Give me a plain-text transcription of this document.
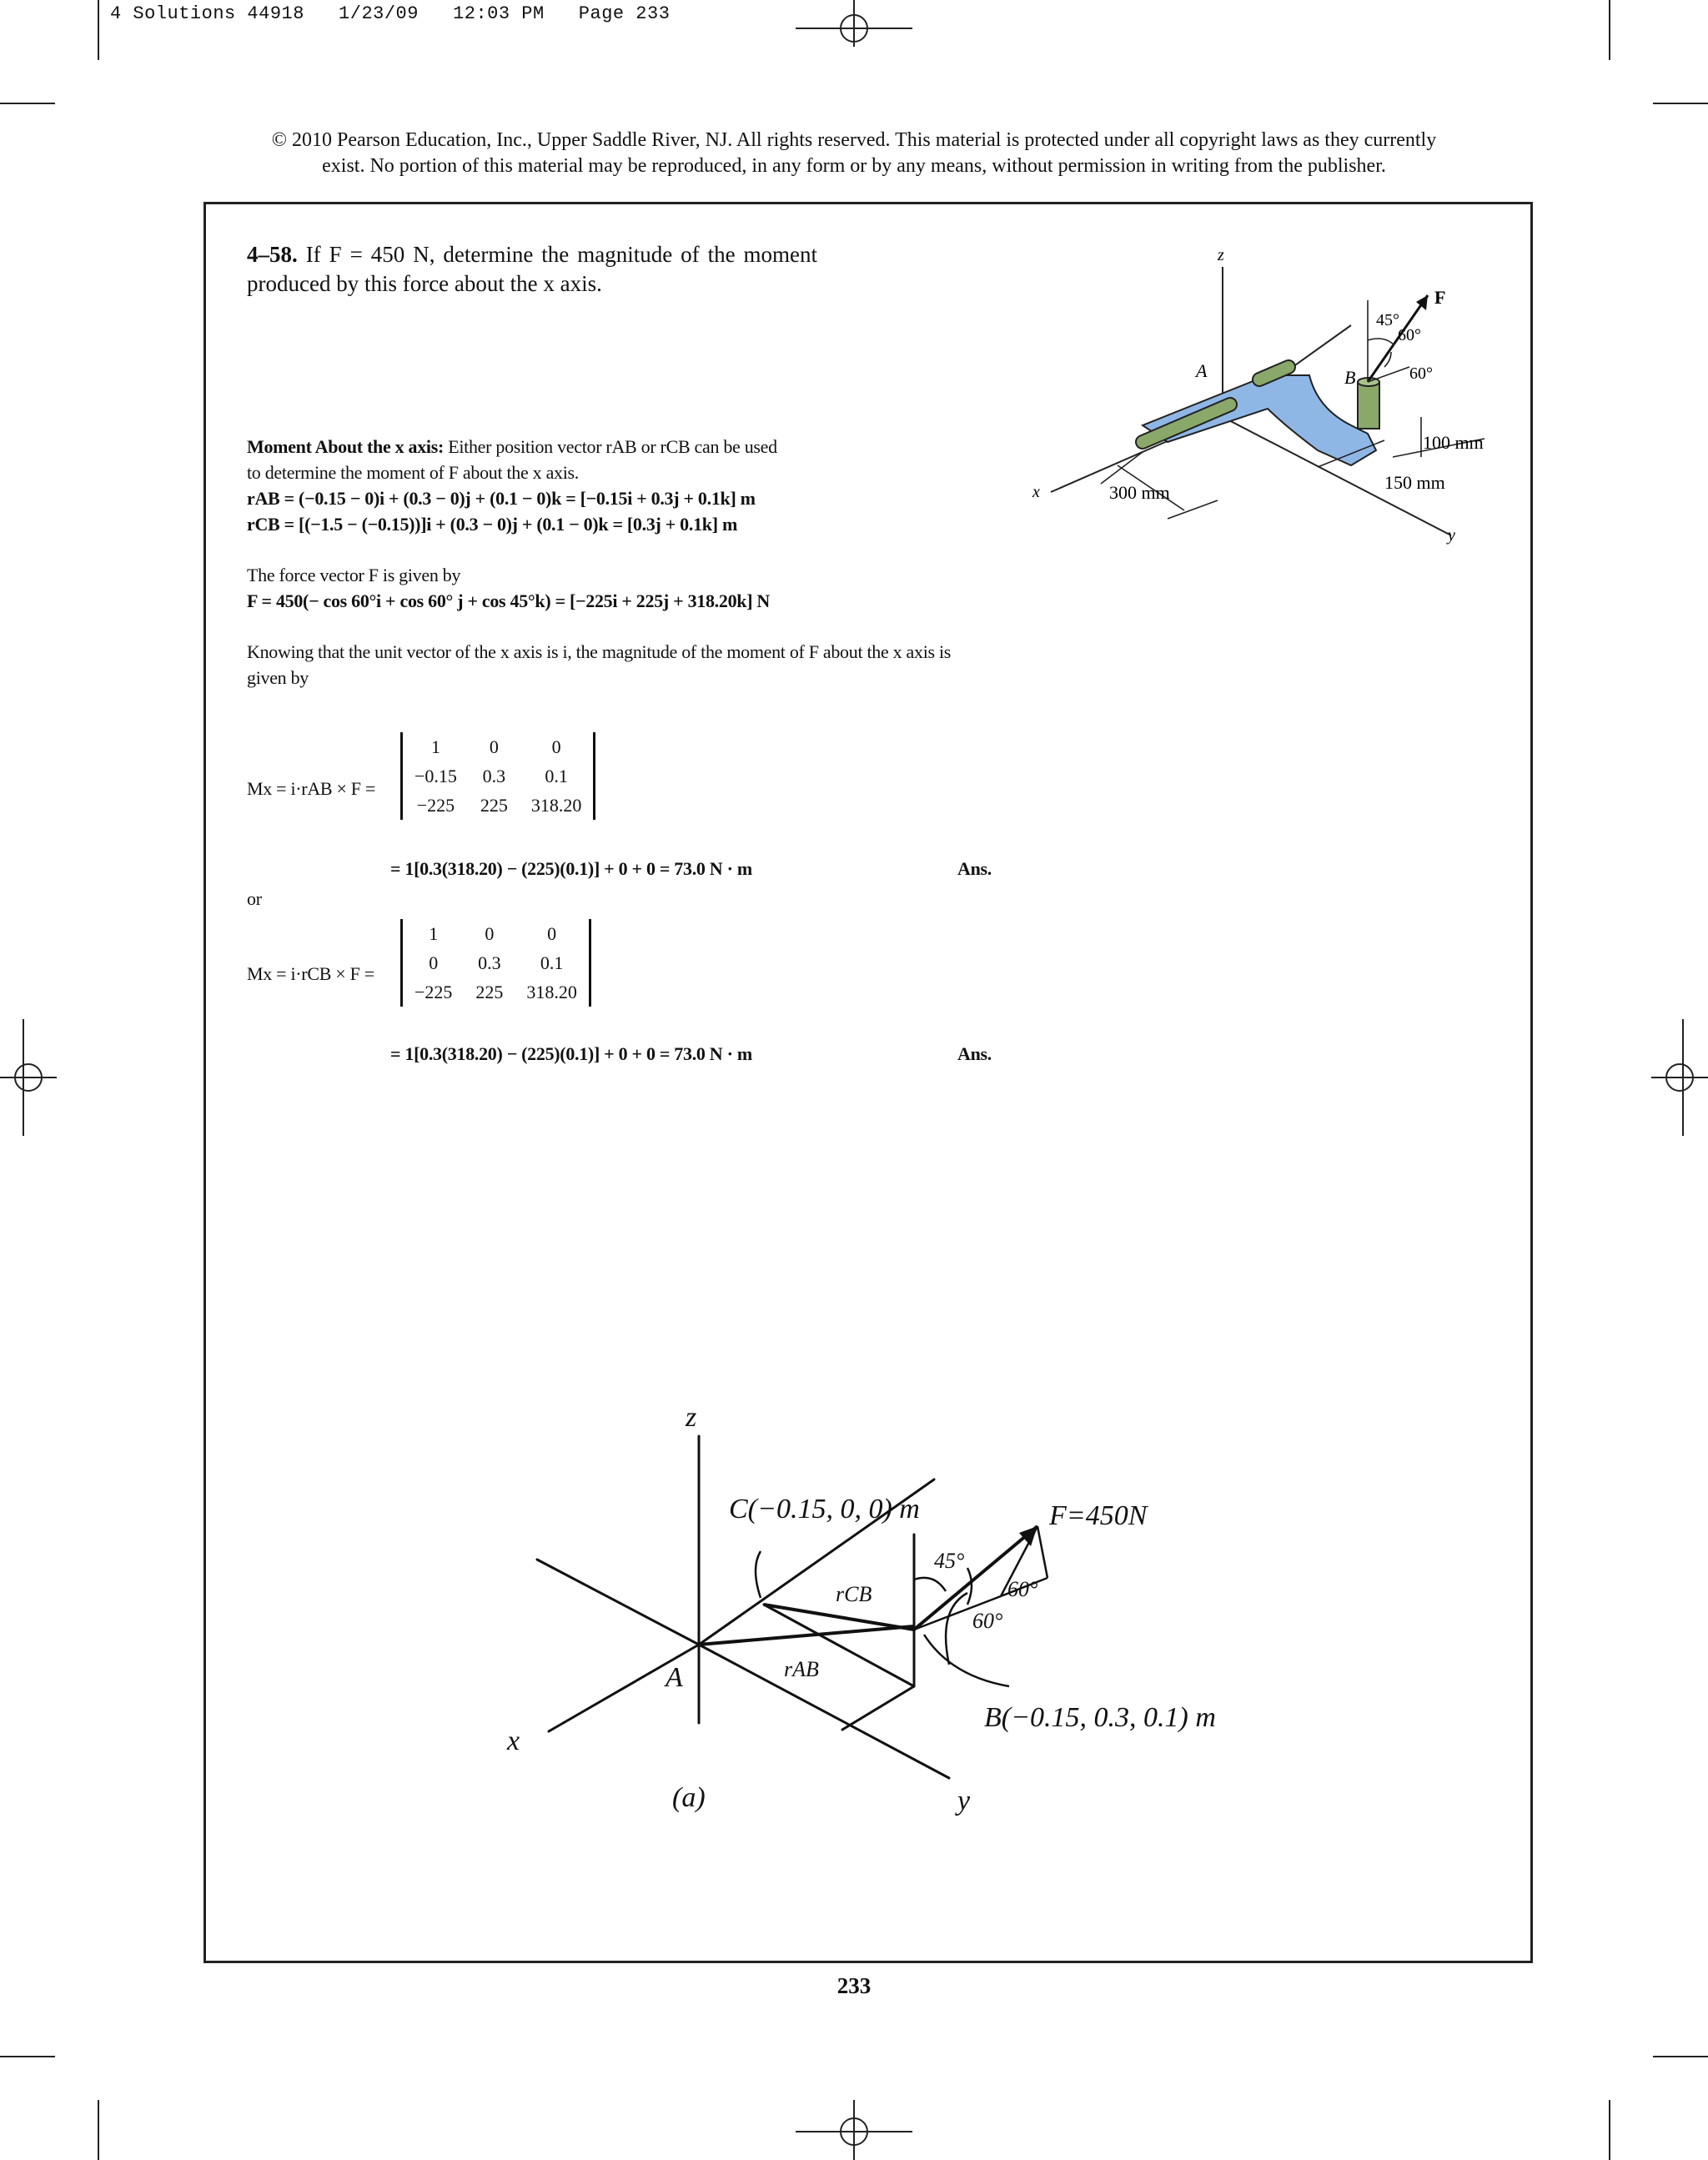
4 Solutions 44918   1/23/09   12:03 PM   Page 233
© 2010 Pearson Education, Inc., Upper Saddle River, NJ. All rights reserved. This material is protected under all copyright laws as they currently
exist. No portion of this material may be reproduced, in any form or by any means, without permission in writing from the publisher.
4–58. If F = 450 N, determine the magnitude of the moment produced by this force about the x axis.
Moment About the x axis: Either position vector rAB or rCB can be used
to determine the moment of F about the x axis.
rAB = (−0.15 − 0)i + (0.3 − 0)j + (0.1 − 0)k = [−0.15i + 0.3j + 0.1k] m
rCB = [(−1.5 − (−0.15))]i + (0.3 − 0)j + (0.1 − 0)k = [0.3j + 0.1k] m
The force vector F is given by
F = 450(− cos 60°i + cos 60° j + cos 45°k) = [−225i + 225j + 318.20k] N
Knowing that the unit vector of the x axis is i, the magnitude of the moment of F about the x axis is
given by
Mx = i·rAB × F =
1	0	0
−0.15	0.3	0.1
−225	225	318.20
= 1[0.3(318.20) − (225)(0.1)] + 0 + 0 = 73.0 N · m	Ans.
or
Mx = i·rCB × F =
1	0	0
0	0.3	0.1
−225	225	318.20
= 1[0.3(318.20) − (225)(0.1)] + 0 + 0 = 73.0 N · m	Ans.
z
x
y
A	B
F
45°
60°
60°
100 mm
150 mm
300 mm
z
x
y
A
C(−0.15, 0, 0) m
B(−0.15, 0.3, 0.1) m
F=450N
(a)
rCB
rAB
45°
60°
60°
233
